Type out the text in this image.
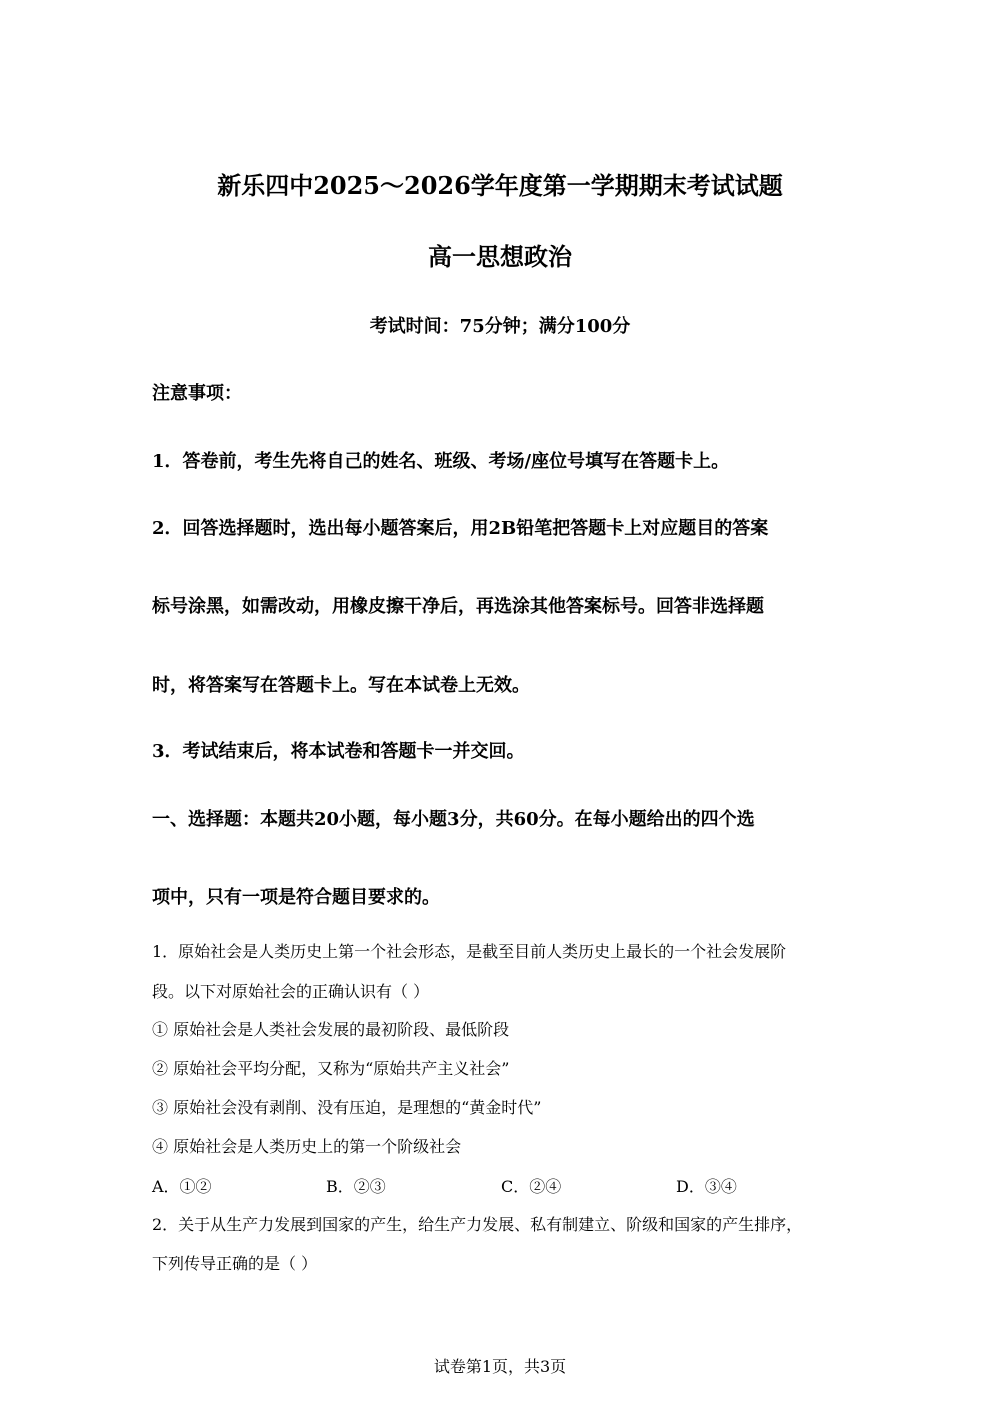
新乐四中2025～2026学年度第一学期期末考试试题
高一思想政治
考试时间：75分钟；满分100分
注意事项：
1．答卷前，考生先将自己的姓名、班级、考场/座位号填写在答题卡上。
2．回答选择题时，选出每小题答案后，用2B铅笔把答题卡上对应题目的答案
标号涂黑，如需改动，用橡皮擦干净后，再选涂其他答案标号。回答非选择题
时，将答案写在答题卡上。写在本试卷上无效。
3．考试结束后，将本试卷和答题卡一并交回。
一、选择题：本题共20小题，每小题3分，共60分。在每小题给出的四个选
项中，只有一项是符合题目要求的。
1．原始社会是人类历史上第一个社会形态，是截至目前人类历史上最长的一个社会发展阶
段。以下对原始社会的正确认识有（ ）
① 原始社会是人类社会发展的最初阶段、最低阶段
② 原始社会平均分配，又称为“原始共产主义社会”
③ 原始社会没有剥削、没有压迫，是理想的“黄金时代”
④ 原始社会是人类历史上的第一个阶级社会
A．①②	B．②③	C．②④	D．③④
2．关于从生产力发展到国家的产生，给生产力发展、私有制建立、阶级和国家的产生排序，
下列传导正确的是（ ）
试卷第1页，共3页
